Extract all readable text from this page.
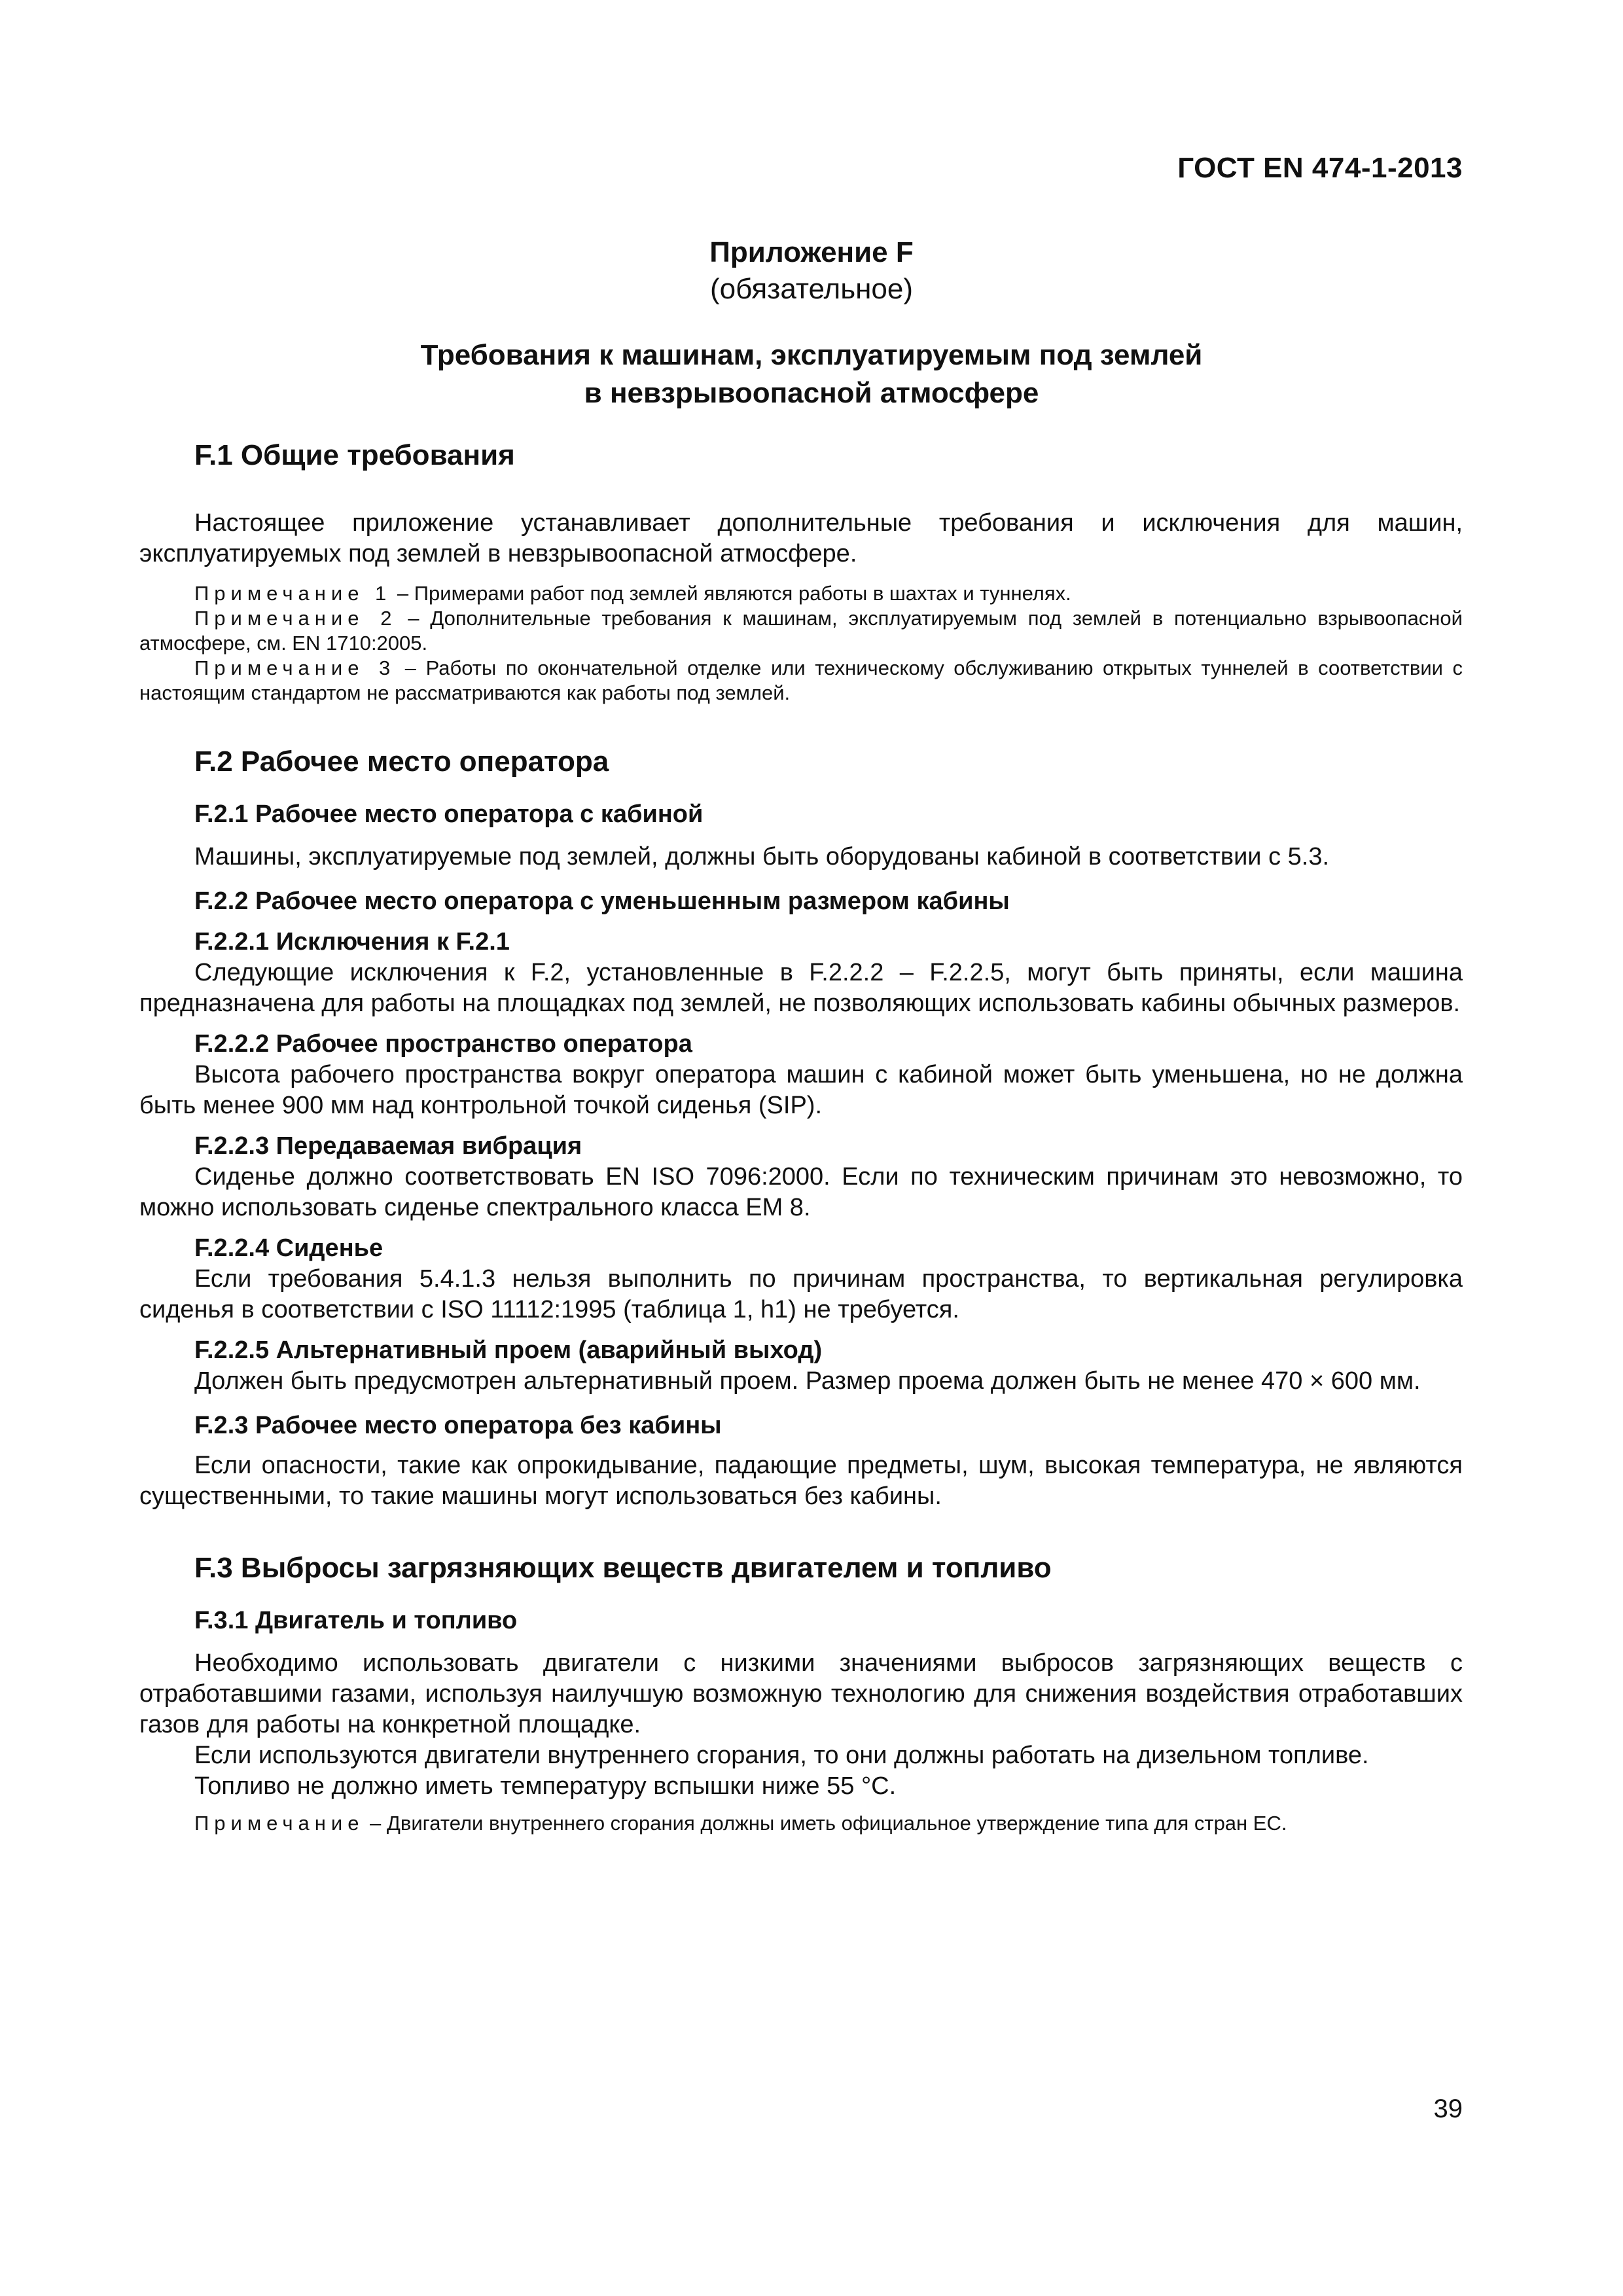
ГОСТ EN 474-1-2013
Приложение F
(обязательное)
Требования к машинам, эксплуатируемым под землей
в невзрывоопасной атмосфере

F.1 Общие требования

Настоящее приложение устанавливает дополнительные требования и исключения для машин, эксплуатируемых под землей в невзрывоопасной атмосфере.

Примечание 1 – Примерами работ под землей являются работы в шахтах и туннелях.

Примечание 2 – Дополнительные требования к машинам, эксплуатируемым под землей в потенциально взрывоопасной атмосфере, см. EN 1710:2005.

Примечание 3 – Работы по окончательной отделке или техническому обслуживанию открытых туннелей в соответствии с настоящим стандартом не рассматриваются как работы под землей.

F.2 Рабочее место оператора

F.2.1 Рабочее место оператора с кабиной

Машины, эксплуатируемые под землей, должны быть оборудованы кабиной в соответствии с 5.3.

F.2.2 Рабочее место оператора с уменьшенным размером кабины

F.2.2.1 Исключения к F.2.1

Следующие исключения к F.2, установленные в F.2.2.2 – F.2.2.5, могут быть приняты, если машина предназначена для работы на площадках под землей, не позволяющих использовать кабины обычных размеров.

F.2.2.2 Рабочее пространство оператора

Высота рабочего пространства вокруг оператора машин с кабиной может быть уменьшена, но не должна быть менее 900 мм над контрольной точкой сиденья (SIP).

F.2.2.3 Передаваемая вибрация

Сиденье должно соответствовать EN ISO 7096:2000. Если по техническим причинам это невозможно, то можно использовать сиденье спектрального класса EM 8.

F.2.2.4 Сиденье

Если требования 5.4.1.3 нельзя выполнить по причинам пространства, то вертикальная регулировка сиденья в соответствии с ISO 11112:1995 (таблица 1, h1) не требуется.

F.2.2.5 Альтернативный проем (аварийный выход)

Должен быть предусмотрен альтернативный проем. Размер проема должен быть не менее 470 × 600 мм.

F.2.3 Рабочее место оператора без кабины

Если опасности, такие как опрокидывание, падающие предметы, шум, высокая температура, не являются существенными, то такие машины могут использоваться без кабины.

F.3 Выбросы загрязняющих веществ двигателем и топливо

F.3.1 Двигатель и топливо

Необходимо использовать двигатели с низкими значениями выбросов загрязняющих веществ с отработавшими газами, используя наилучшую возможную технологию для снижения воздействия отработавших газов для работы на конкретной площадке.

Если используются двигатели внутреннего сгорания, то они должны работать на дизельном топливе.

Топливо не должно иметь температуру вспышки ниже 55 °С.

Примечание – Двигатели внутреннего сгорания должны иметь официальное утверждение типа для стран ЕС.

39
